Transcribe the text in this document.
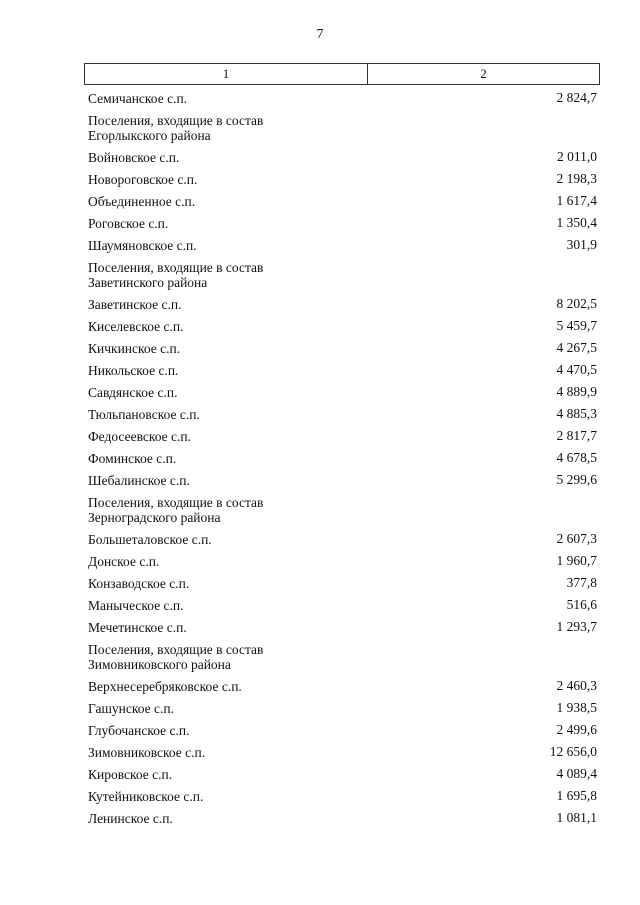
7
1	2
Семичанское с.п.	2 824,7
Поселения, входящие в состав
Егорлыкского района
Войновское с.п.	2 011,0
Новороговское с.п.	2 198,3
Объединенное с.п.	1 617,4
Роговское с.п.	1 350,4
Шаумяновское с.п.	301,9
Поселения, входящие в состав
Заветинского района
Заветинское с.п.	8 202,5
Киселевское с.п.	5 459,7
Кичкинское с.п.	4 267,5
Никольское с.п.	4 470,5
Савдянское с.п.	4 889,9
Тюльпановское с.п.	4 885,3
Федосеевское с.п.	2 817,7
Фоминское с.п.	4 678,5
Шебалинское с.п.	5 299,6
Поселения, входящие в состав
Зерноградского района
Большеталовское с.п.	2 607,3
Донское с.п.	1 960,7
Конзаводское с.п.	377,8
Маныческое с.п.	516,6
Мечетинское с.п.	1 293,7
Поселения, входящие в состав
Зимовниковского района
Верхнесеребряковское с.п.	2 460,3
Гашунское с.п.	1 938,5
Глубочанское с.п.	2 499,6
Зимовниковское с.п.	12 656,0
Кировское с.п.	4 089,4
Кутейниковское с.п.	1 695,8
Ленинское с.п.	1 081,1
